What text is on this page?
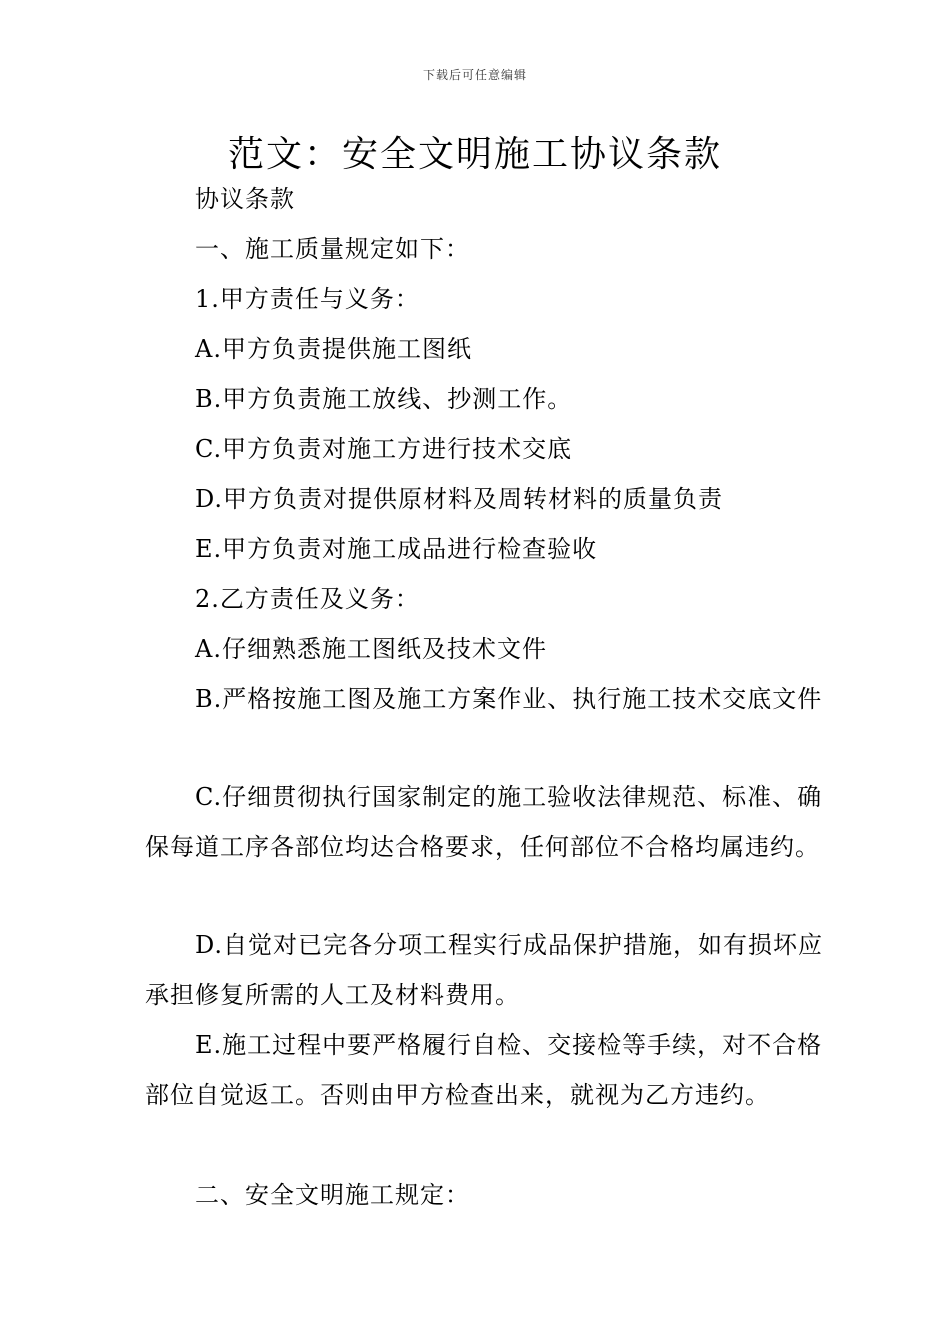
下载后可任意编辑
范文：安全文明施工协议条款
协议条款
一、施工质量规定如下：
1.甲方责任与义务：
A.甲方负责提供施工图纸
B.甲方负责施工放线、抄测工作。
C.甲方负责对施工方进行技术交底
D.甲方负责对提供原材料及周转材料的质量负责
E.甲方负责对施工成品进行检查验收
2.乙方责任及义务：
A.仔细熟悉施工图纸及技术文件
B.严格按施工图及施工方案作业、执行施工技术交底文件
C.仔细贯彻执行国家制定的施工验收法律规范、标准、确保每道工序各部位均达合格要求，任何部位不合格均属违约。
D.自觉对已完各分项工程实行成品保护措施，如有损坏应承担修复所需的人工及材料费用。
E.施工过程中要严格履行自检、交接检等手续，对不合格部位自觉返工。否则由甲方检查出来，就视为乙方违约。
二、安全文明施工规定：
